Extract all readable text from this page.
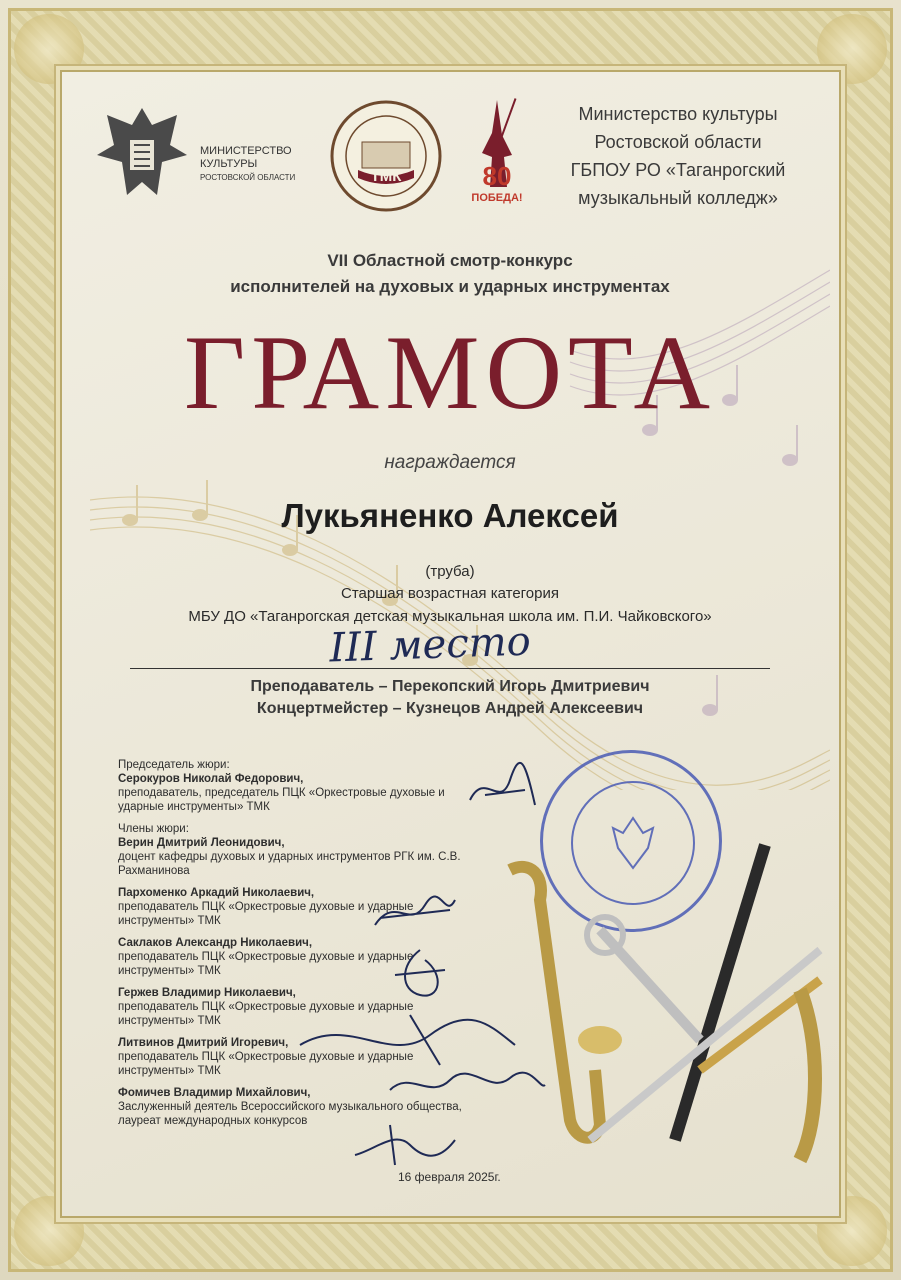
МИНИСТЕРСТВО
КУЛЬТУРЫ
РОСТОВСКОЙ ОБЛАСТИ	ТМК	80
ПОБЕДА!
Министерство культуры
Ростовской области
ГБПОУ РО «Таганрогский
музыкальный колледж»
VII Областной смотр-конкурс
исполнителей на духовых и ударных инструментах
ГРАМОТА
награждается
Лукьяненко Алексей
(труба)
Старшая возрастная категория
МБУ ДО «Таганрогская детская музыкальная школа им. П.И. Чайковского»
III место
Преподаватель – Перекопский Игорь Дмитриевич
Концертмейстер – Кузнецов Андрей Алексеевич

Председатель жюри:

Серокуров Николай Федорович,

преподаватель, председатель ПЦК «Оркестровые духовые и ударные инструменты» ТМК

Члены жюри:

Верин Дмитрий Леонидович,

доцент кафедры духовых и ударных инструментов РГК им. С.В. Рахманинова

Пархоменко Аркадий Николаевич,

преподаватель ПЦК «Оркестровые духовые и ударные инструменты» ТМК

Саклаков Александр Николаевич,

преподаватель ПЦК «Оркестровые духовые и ударные инструменты» ТМК

Гержев Владимир Николаевич,

преподаватель ПЦК «Оркестровые духовые и ударные инструменты» ТМК

Литвинов Дмитрий Игоревич,

преподаватель ПЦК «Оркестровые духовые и ударные инструменты» ТМК

Фомичев Владимир Михайлович,

Заслуженный деятель Всероссийского музыкального общества, лауреат международных конкурсов

16 февраля 2025г.
